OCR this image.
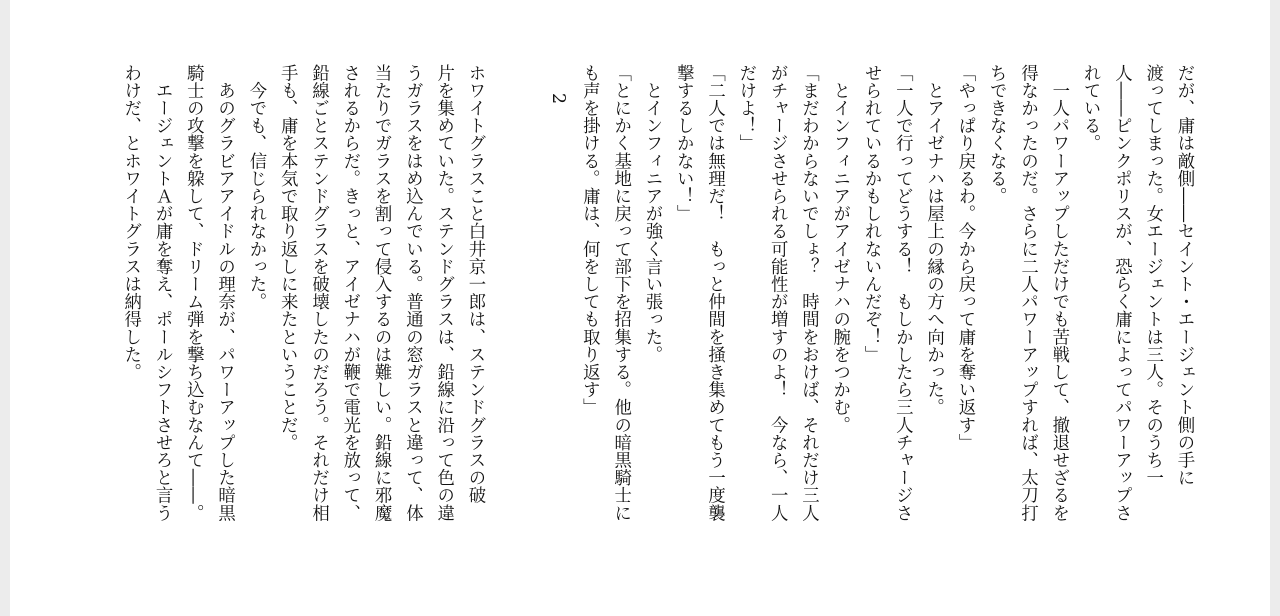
だが、庸は敵側――セイント・エージェント側の手に
渡ってしまった。女エージェントは三人。そのうち一
人――ピンクポリスが、恐らく庸によってパワーアップさ
れている。
　一人パワーアップしただけでも苦戦して、撤退せざるを
得なかったのだ。さらに二人パワーアップすれば、太刀打
ちできなくなる。
「やっぱり戻るわ。今から戻って庸を奪い返す」
　とアイゼナハは屋上の縁の方へ向かった。
「一人で行ってどうする！　もしかしたら三人チャージさ
せられているかもしれないんだぞ！」
　とインフィニアがアイゼナハの腕をつかむ。
「まだわからないでしょ？　時間をおけば、それだけ三人
がチャージさせられる可能性が増すのよ！　今なら、一人
だけよ！」
「二人では無理だ！　もっと仲間を掻き集めてもう一度襲
撃するしかない！」
　とインフィニアが強く言い張った。
「とにかく基地に戻って部下を招集する。他の暗黒騎士に
も声を掛ける。庸は、何をしても取り返す」
2
ホワイトグラスこと白井京一郎は、ステンドグラスの破
片を集めていた。ステンドグラスは、鉛線に沿って色の違
うガラスをはめ込んでいる。普通の窓ガラスと違って、体
当たりでガラスを割って侵入するのは難しい。鉛線に邪魔
されるからだ。きっと、アイゼナハが鞭で電光を放って、
鉛線ごとステンドグラスを破壊したのだろう。それだけ相
手も、庸を本気で取り返しに来たということだ。
　今でも、信じられなかった。
　あのグラビアアイドルの理奈が、パワーアップした暗黒
騎士の攻撃を躱して、ドリーム弾を撃ち込むなんて――。
　エージェントＡが庸を奪え、ポールシフトさせろと言う
わけだ、とホワイトグラスは納得した。
